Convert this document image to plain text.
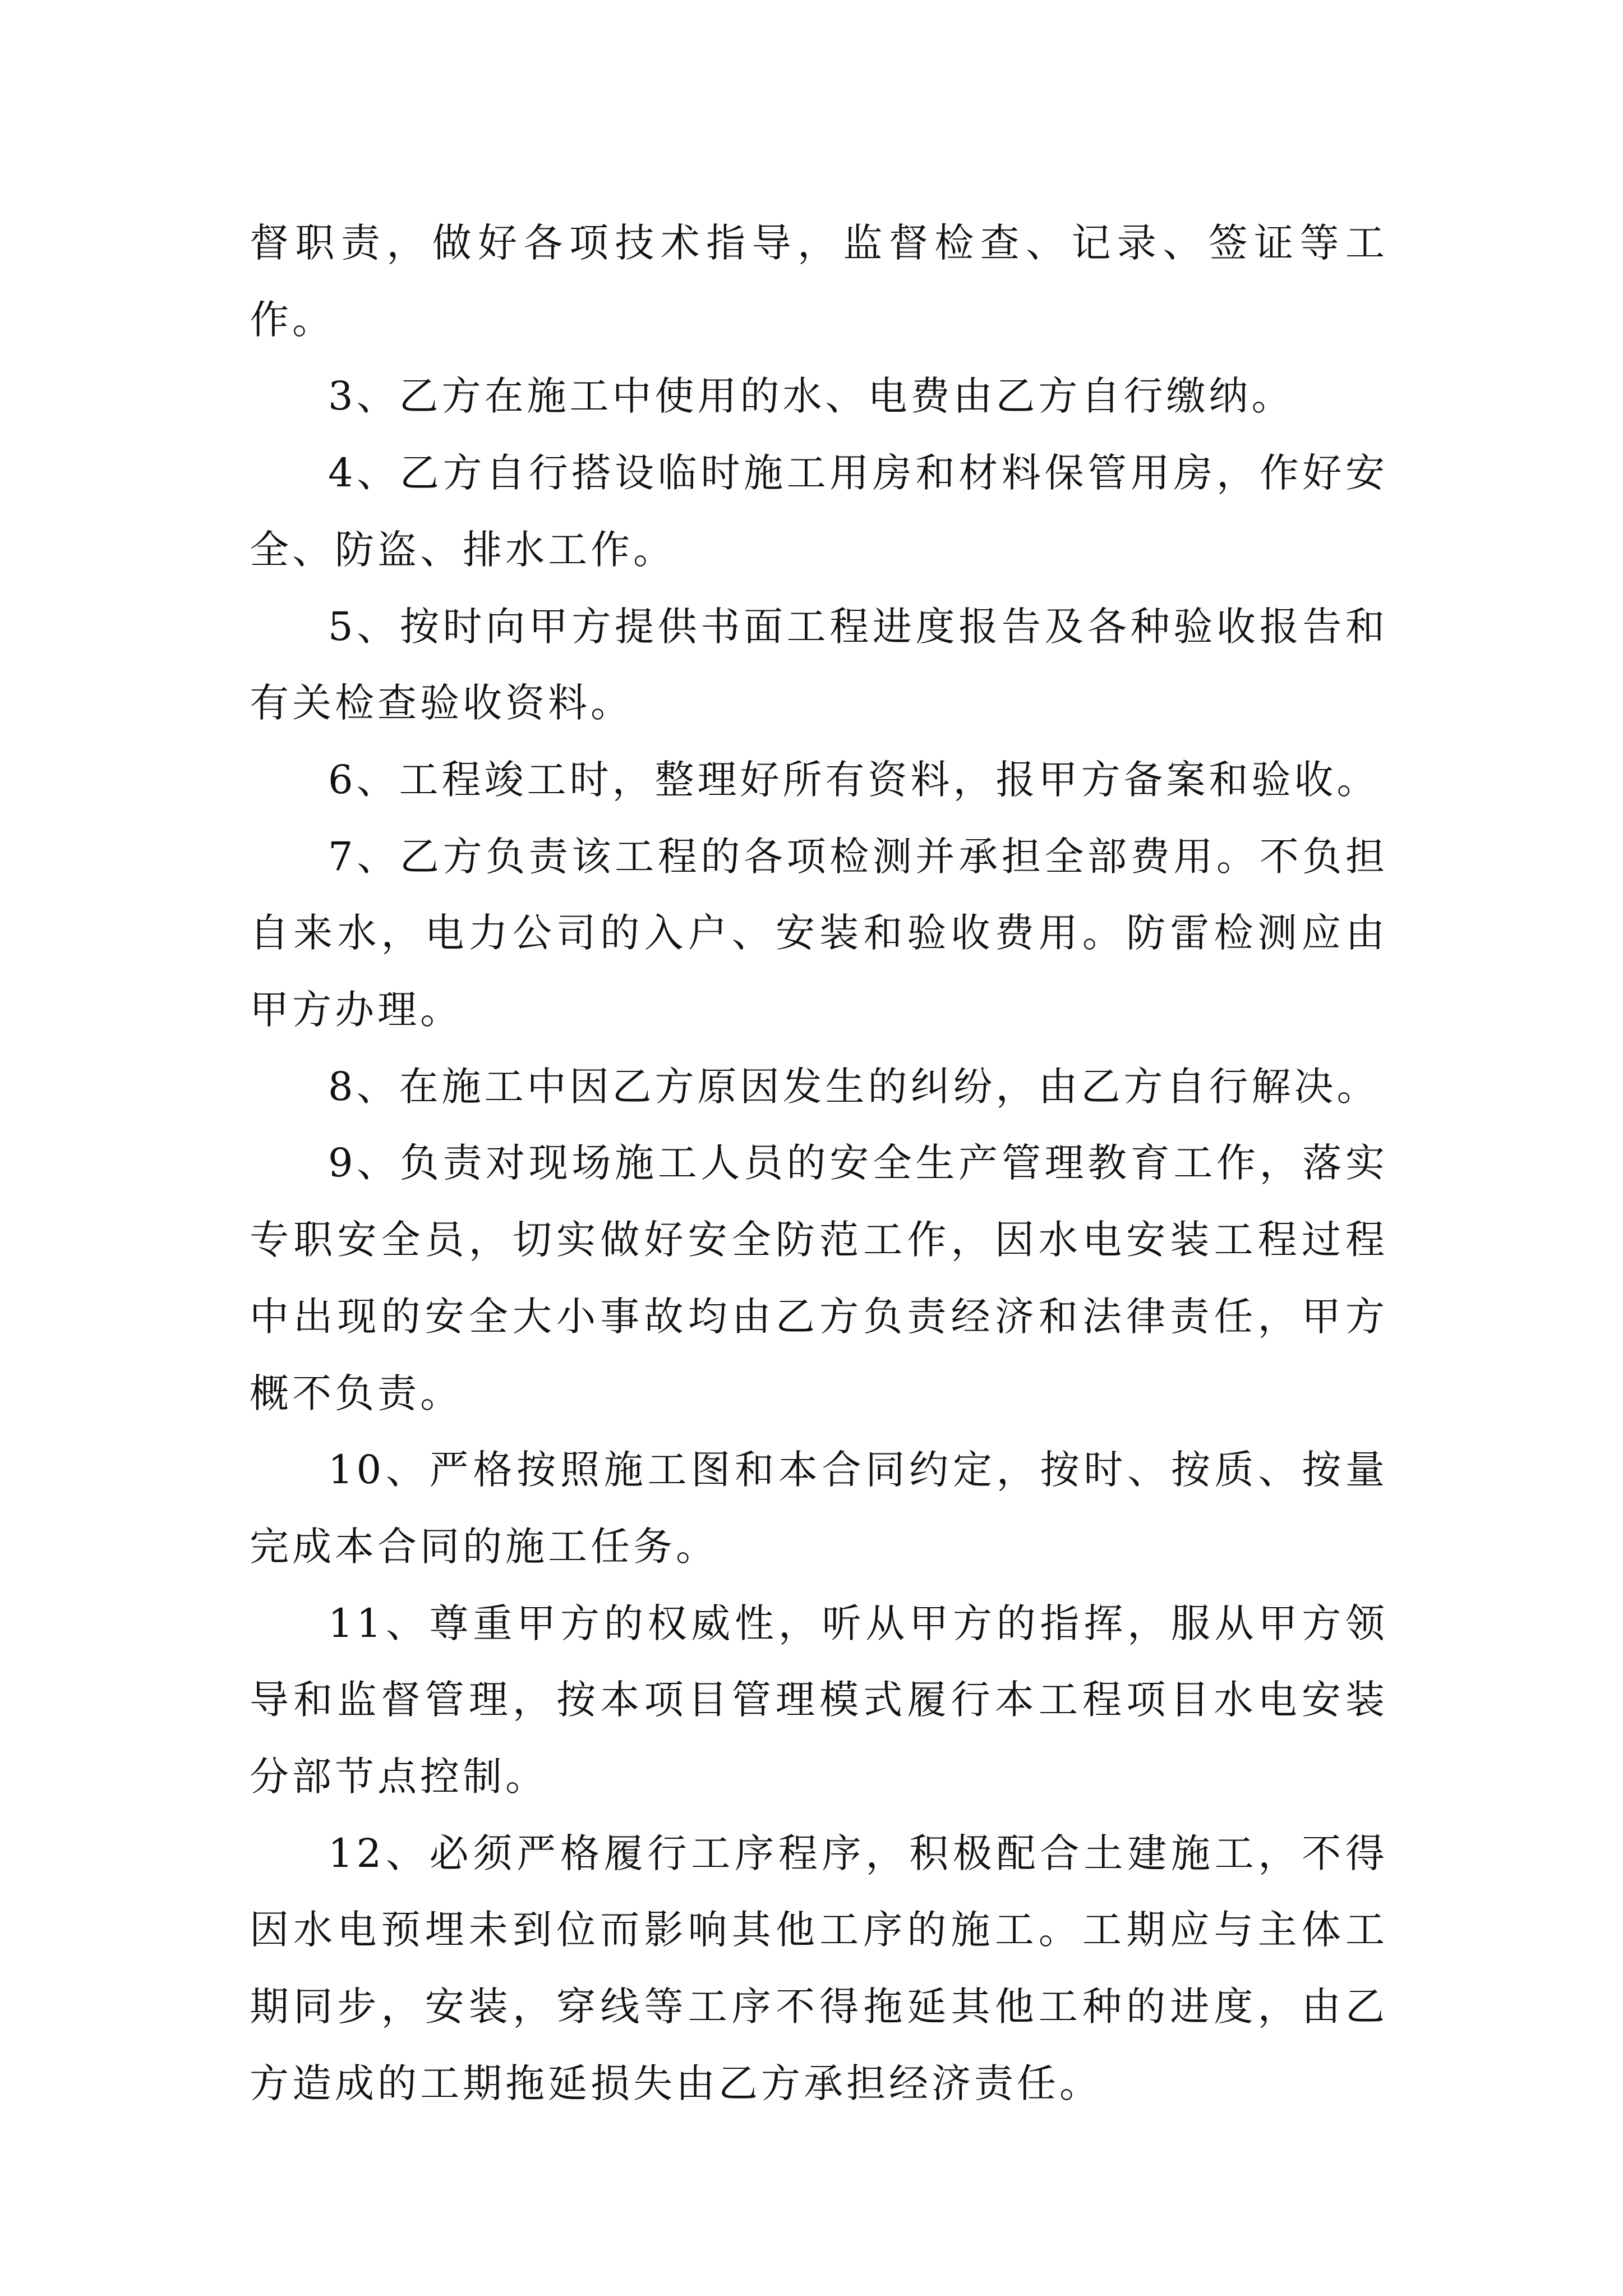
督职责，做好各项技术指导，监督检查、记录、签证等工作。

3、乙方在施工中使用的水、电费由乙方自行缴纳。

4、乙方自行搭设临时施工用房和材料保管用房，作好安全、防盗、排水工作。

5、按时向甲方提供书面工程进度报告及各种验收报告和有关检查验收资料。

6、工程竣工时，整理好所有资料，报甲方备案和验收。

7、乙方负责该工程的各项检测并承担全部费用。不负担自来水，电力公司的入户、安装和验收费用。防雷检测应由甲方办理。

8、在施工中因乙方原因发生的纠纷，由乙方自行解决。

9、负责对现场施工人员的安全生产管理教育工作，落实专职安全员，切实做好安全防范工作，因水电安装工程过程中出现的安全大小事故均由乙方负责经济和法律责任，甲方概不负责。

10、严格按照施工图和本合同约定，按时、按质、按量完成本合同的施工任务。

11、尊重甲方的权威性，听从甲方的指挥，服从甲方领导和监督管理，按本项目管理模式履行本工程项目水电安装分部节点控制。

12、必须严格履行工序程序，积极配合土建施工，不得因水电预埋未到位而影响其他工序的施工。工期应与主体工期同步，安装，穿线等工序不得拖延其他工种的进度，由乙方造成的工期拖延损失由乙方承担经济责任。
